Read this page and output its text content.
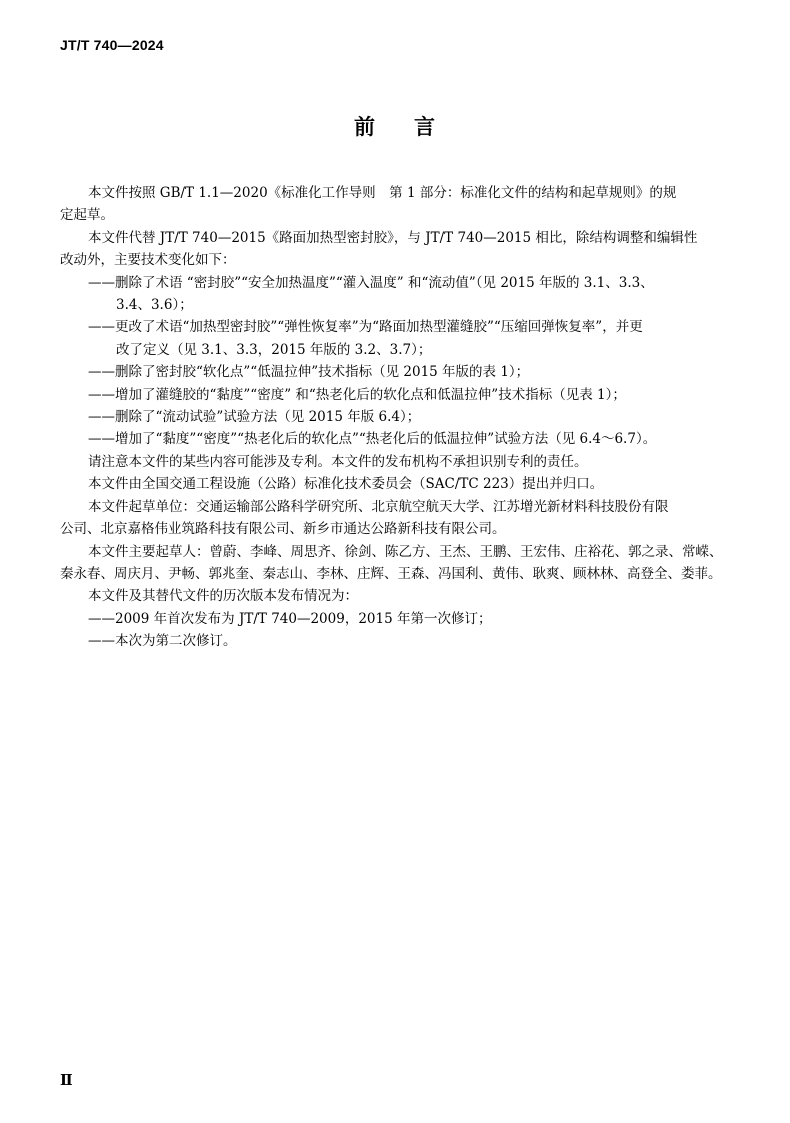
JT/T 740—2024
前 言
本文件按照 GB/T 1.1—2020《标准化工作导则　第 1 部分：标准化文件的结构和起草规则》的规
定起草。
本文件代替 JT/T 740—2015《路面加热型密封胶》，与 JT/T 740—2015 相比，除结构调整和编辑性
改动外，主要技术变化如下：
——删除了术语 “密封胶”“安全加热温度”“灌入温度” 和“流动值”（见 2015 年版的 3.1、3.3、
3.4、3.6）；
——更改了术语“加热型密封胶”“弹性恢复率”为“路面加热型灌缝胶”“压缩回弹恢复率”，并更
改了定义（见 3.1、3.3，2015 年版的 3.2、3.7）；
——删除了密封胶“软化点”“低温拉伸”技术指标（见 2015 年版的表 1）；
——增加了灌缝胶的“黏度”“密度” 和“热老化后的软化点和低温拉伸”技术指标（见表 1）；
——删除了“流动试验”试验方法（见 2015 年版 6.4）；
——增加了“黏度”“密度”“热老化后的软化点”“热老化后的低温拉伸”试验方法（见 6.4～6.7）。
请注意本文件的某些内容可能涉及专利。本文件的发布机构不承担识别专利的责任。
本文件由全国交通工程设施（公路）标准化技术委员会（SAC/TC 223）提出并归口。
本文件起草单位：交通运输部公路科学研究所、北京航空航天大学、江苏增光新材料科技股份有限
公司、北京嘉格伟业筑路科技有限公司、新乡市通达公路新科技有限公司。
本文件主要起草人：曾蔚、李峰、周思齐、徐剑、陈乙方、王杰、王鹏、王宏伟、庄裕花、郭之录、常嵘、
秦永春、周庆月、尹畅、郭兆奎、秦志山、李林、庄辉、王森、冯国利、黄伟、耿爽、顾林林、高登全、娄菲。
本文件及其替代文件的历次版本发布情况为：
——2009 年首次发布为 JT/T 740—2009，2015 年第一次修订；
——本次为第二次修订。
Ⅱ
